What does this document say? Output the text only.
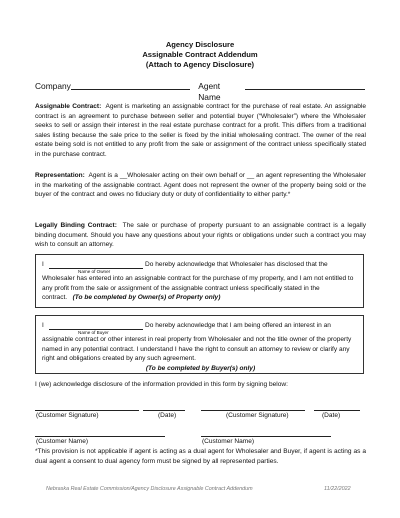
Agency Disclosure
Assignable Contract Addendum
(Attach to Agency Disclosure)
Company	Agent Name

Assignable Contract: Agent is marketing an assignable contract for the purchase of real estate. An assignable contract is an agreement to purchase between seller and potential buyer (“Wholesaler”) where the Wholesaler seeks to sell or assign their interest in the real estate purchase contract for a profit. This differs from a traditional sales listing because the sale price to the seller is fixed by the initial wholesaling contract. The owner of the real estate being sold is not entitled to any profit from the sale or assignment of the contract unless specifically stated in the purchase contract.

Representation: Agent is a __Wholesaler acting on their own behalf or __ an agent representing the Wholesaler in the marketing of the assignable contract. Agent does not represent the owner of the property being sold or the buyer of the contract and owes no fiduciary duty or duty of confidentiality to either party.*

Legally Binding Contract: The sale or purchase of property pursuant to an assignable contract is a legally binding document. Should you have any questions about your rights or obligations under such a contract you may wish to consult an attorney.

I	Do hereby acknowledge that Wholesaler has disclosed that the
Name of Owner
Wholesaler has entered into an assignable contract for the purchase of my property, and I am not entitled to any profit from the sale or assignment of the assignable contract unless specifically stated in the contract. (To be completed by Owner(s) of Property only)
I	Do hereby acknowledge that I am being offered an interest in an
Name of Buyer
assignable contract or other interest in real property from Wholesaler and not the title owner of the property named in any potential contract. I understand I have the right to consult an attorney to review or clarify any right and obligations created by any such agreement.
(To be completed by Buyer(s) only)
I (we) acknowledge disclosure of the information provided in this form by signing below:
(Customer Signature)	(Date)	(Customer Signature)	(Date)
(Customer Name)	(Customer Name)
*This provision is not applicable if agent is acting as a dual agent for Wholesaler and Buyer, if agent is acting as a dual agent a consent to dual agency form must be signed by all represented parties.
Nebraska Real Estate Commission/Agency Disclosure Assignable Contract Addendum	11/22/2022
